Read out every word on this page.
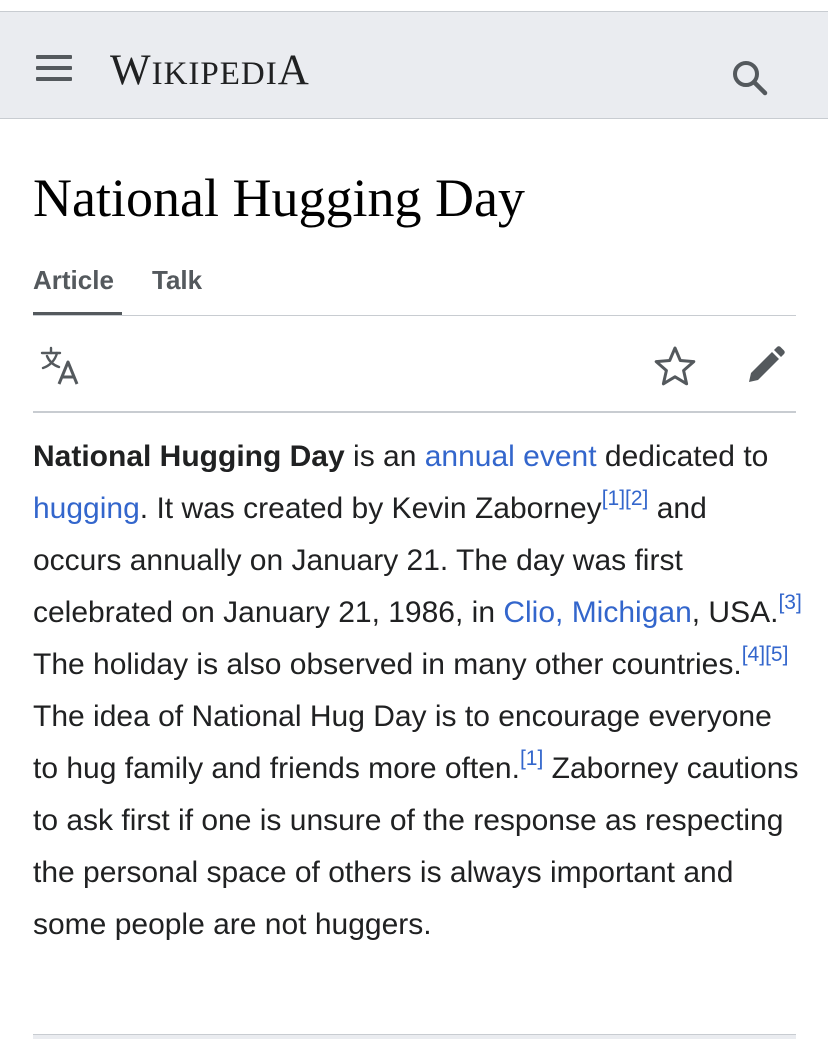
WIKIPEDIA
National Hugging Day
Article	Talk

National Hugging Day is an annual event dedicated to hugging. It was created by Kevin Zaborney[1][2] and occurs annually on January 21. The day was first celebrated on January 21, 1986, in Clio, Michigan, USA.[3] The holiday is also observed in many other countries.[4][5] The idea of National Hug Day is to encourage everyone to hug family and friends more often.[1] Zaborney cautions to ask first if one is unsure of the response as respecting the personal space of others is always important and some people are not huggers.
